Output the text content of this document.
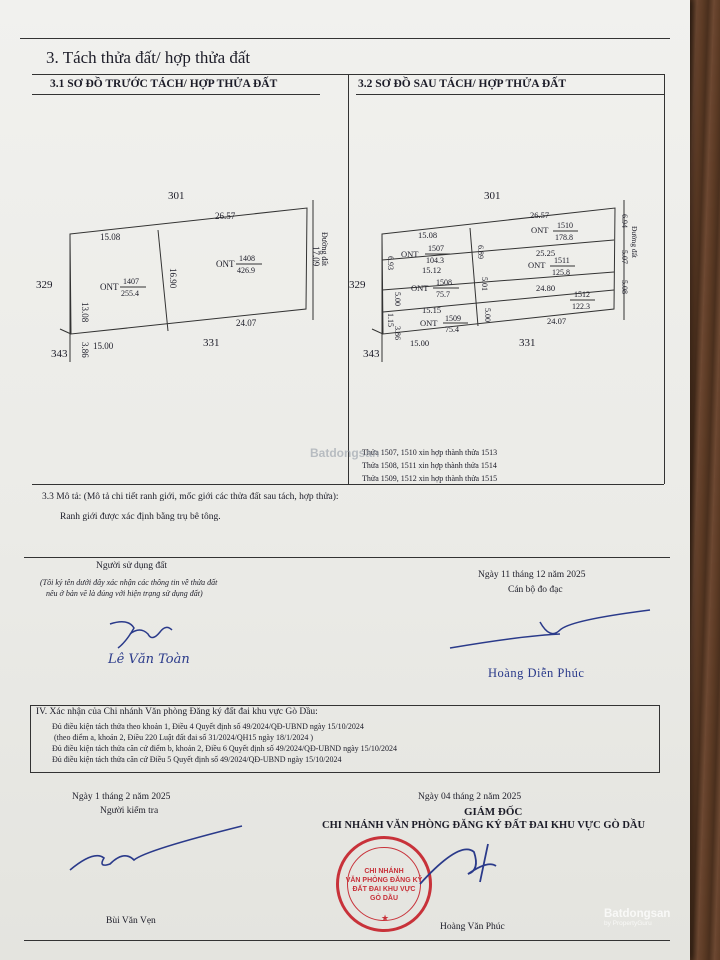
3. Tách thửa đất/ hợp thửa đất
3.1 SƠ ĐỒ TRƯỚC TÁCH/ HỢP THỬA ĐẤT	3.2 SƠ ĐỒ SAU TÁCH/ HỢP THỬA ĐẤT
301
329
331
343
15.08
26.57
15.00
24.07
13.08
3.86
16.90
17.09 Đường đất
ONT
1407
255.4
ONT
1408
426.9
301
329
331
343
15.08
26.57
25.25
15.12
24.80
15.15
15.00
24.07
6.93
5.00
1.15
3.86
6.89
5.01
5.00
6.94
5.07
5.08
Đường đất
ONT
1507
104.3
ONT
1508
75.7
ONT 1509
75.4
ONT 1510
178.8
ONT 1511
125.8
1512
122.3
Thửa 1507, 1510 xin hợp thành thửa 1513
Thửa 1508, 1511 xin hợp thành thửa 1514
Thửa 1509, 1512 xin hợp thành thửa 1515
Batdongsan
3.3 Mô tả: (Mô tả chi tiết ranh giới, mốc giới các thửa đất sau tách, hợp thửa):
Ranh giới được xác định bằng trụ bê tông.
Người sử dụng đất
(Tôi ký tên dưới đây xác nhận các thông tin về thửa đất
nêu ở bản vẽ là đúng với hiện trạng sử dụng đất)
Lê Văn Toàn
Ngày 11 tháng 12 năm 2025
Cán bộ đo đạc
Hoàng Diễn Phúc
IV. Xác nhận của Chi nhánh Văn phòng Đăng ký đất đai khu vực Gò Dầu:
Đủ điều kiện tách thửa theo khoản 1, Điều 4 Quyết định số 49/2024/QĐ-UBND ngày 15/10/2024
(theo điểm a, khoản 2, Điều 220 Luật đất đai số 31/2024/QH15 ngày 18/1/2024 )
Đủ điều kiện tách thửa căn cứ điểm b, khoản 2, Điều 6 Quyết định số 49/2024/QĐ-UBND ngày 15/10/2024
Đủ điều kiện tách thửa căn cứ Điều 5 Quyết định số 49/2024/QĐ-UBND ngày 15/10/2024
Ngày 1 tháng 2 năm 2025
Người kiểm tra
Bùi Văn Vẹn
Ngày 04 tháng 2 năm 2025
GIÁM ĐỐC
CHI NHÁNH VĂN PHÒNG ĐĂNG KÝ ĐẤT ĐAI KHU VỰC GÒ DẦU
CHI NHÁNH
VĂN PHÒNG ĐĂNG KÝ
ĐẤT ĐAI KHU VỰC
GÒ DẦU
★
Hoàng Văn Phúc
Batdongsan
by PropertyGuru
